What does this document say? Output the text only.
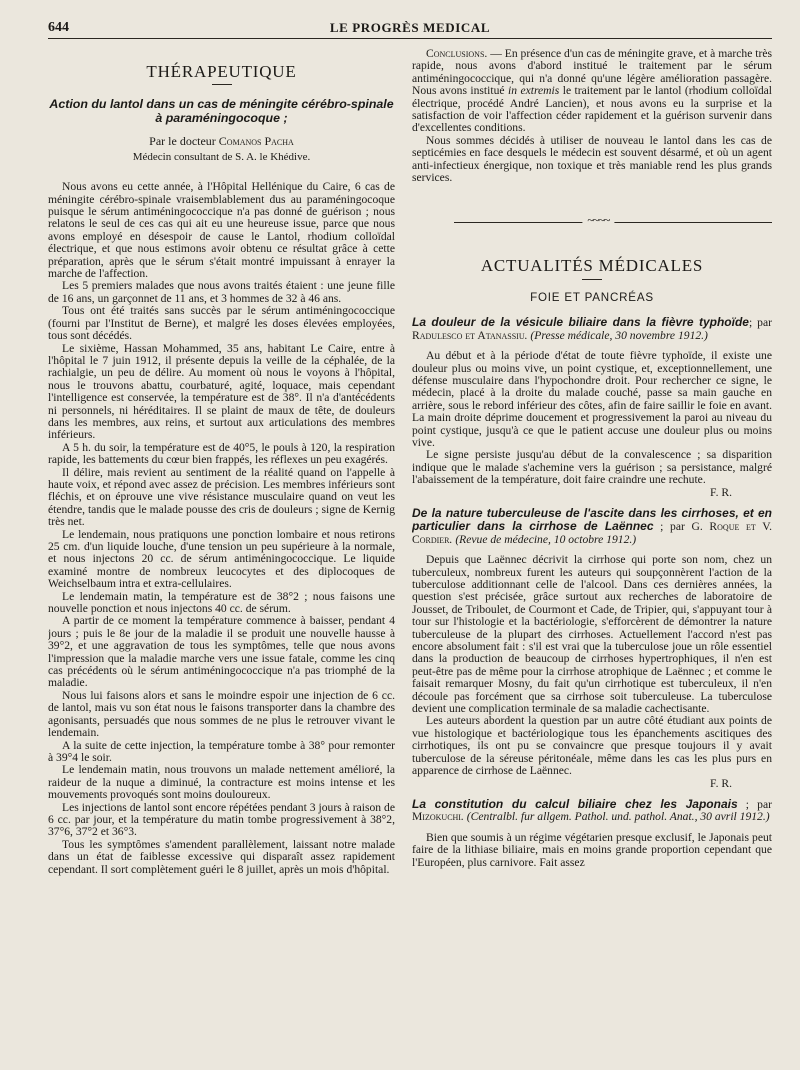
644	LE PROGRÈS MEDICAL
THÉRAPEUTIQUE
Action du lantol dans un cas de méningite cérébro-spinale à paraméningocoque ;
Par le docteur Comanos Pacha
Médecin consultant de S. A. le Khédive.

Nous avons eu cette année, à l'Hôpital Hellénique du Caire, 6 cas de méningite cérébro-spinale vraisemblablement dus au paraméningocoque puisque le sérum antiméningococcique n'a pas donné de guérison ; nous relatons le seul de ces cas qui ait eu une heureuse issue, parce que nous avons employé en désespoir de cause le Lantol, rhodium colloïdal électrique, et que nous estimons avoir obtenu ce résultat grâce à cette préparation, après que le sérum s'était montré impuissant à enrayer la marche de l'affection.

Les 5 premiers malades que nous avons traités étaient : une jeune fille de 16 ans, un garçonnet de 11 ans, et 3 hommes de 32 à 46 ans.

Tous ont été traités sans succès par le sérum antiméningococcique (fourni par l'Institut de Berne), et malgré les doses élevées employées, tous sont décédés.

Le sixième, Hassan Mohammed, 35 ans, habitant Le Caire, entre à l'hôpital le 7 juin 1912, il présente depuis la veille de la céphalée, de la rachialgie, un peu de délire. Au moment où nous le voyons à l'hôpital, nous le trouvons abattu, courbaturé, agité, loquace, mais cependant l'intelligence est conservée, la température est de 38°. Il n'a d'antécédents ni personnels, ni héréditaires. Il se plaint de maux de tête, de douleurs dans les membres, aux reins, et surtout aux articulations des membres inférieurs.

A 5 h. du soir, la température est de 40°5, le pouls à 120, la respiration rapide, les battements du cœur bien frappés, les réflexes un peu exagérés.

Il délire, mais revient au sentiment de la réalité quand on l'appelle à haute voix, et répond avec assez de précision. Les membres inférieurs sont fléchis, et on éprouve une vive résistance musculaire quand on veut les étendre, tandis que le malade pousse des cris de douleurs ; signe de Kernig très net.

Le lendemain, nous pratiquons une ponction lombaire et nous retirons 25 cm. d'un liquide louche, d'une tension un peu supérieure à la normale, et nous injectons 20 cc. de sérum antiméningococcique. Le liquide examiné montre de nombreux leucocytes et des diplocoques de Weichselbaum intra et extra-cellulaires.

Le lendemain matin, la température est de 38°2 ; nous faisons une nouvelle ponction et nous injectons 40 cc. de sérum.

A partir de ce moment la température commence à baisser, pendant 4 jours ; puis le 8e jour de la maladie il se produit une nouvelle hausse à 39°2, et une aggravation de tous les symptômes, telle que nous avons l'impression que la maladie marche vers une issue fatale, comme les cinq cas précédents où le sérum antiméningococcique n'a pas triomphé de la maladie.

Nous lui faisons alors et sans le moindre espoir une injection de 6 cc. de lantol, mais vu son état nous le faisons transporter dans la chambre des agonisants, persuadés que nous sommes de ne plus le retrouver vivant le lendemain.

A la suite de cette injection, la température tombe à 38° pour remonter à 39°4 le soir.

Le lendemain matin, nous trouvons un malade nettement amélioré, la raideur de la nuque a diminué, la contracture est moins intense et les mouvements provoqués sont moins douloureux.

Les injections de lantol sont encore répétées pendant 3 jours à raison de 6 cc. par jour, et la température du matin tombe progressivement à 38°2, 37°6, 37°2 et 36°3.

Tous les symptômes s'amendent parallèlement, laissant notre malade dans un état de faiblesse excessive qui disparaît assez rapidement cependant. Il sort complètement guéri le 8 juillet, après un mois d'hôpital.

Conclusions. — En présence d'un cas de méningite grave, et à marche très rapide, nous avons d'abord institué le traitement par le sérum antiméningococcique, qui n'a donné qu'une légère amélioration passagère. Nous avons institué in extremis le traitement par le lantol (rhodium colloïdal électrique, procédé André Lancien), et nous avons eu la surprise et la satisfaction de voir l'affection céder rapidement et la guérison survenir dans d'excellentes conditions.

Nous sommes décidés à utiliser de nouveau le lantol dans les cas de septicémies en face desquels le médecin est souvent désarmé, et où un agent anti-infectieux énergique, non toxique et très maniable rend les plus grands services.

~~~~
ACTUALITÉS MÉDICALES
FOIE ET PANCRÉAS

La douleur de la vésicule biliaire dans la fièvre typhoïde; par Radulesco et Atanassiu. (Presse médicale, 30 novembre 1912.)

Au début et à la période d'état de toute fièvre typhoïde, il existe une douleur plus ou moins vive, un point cystique, et, exceptionnellement, une défense musculaire dans l'hypochondre droit. Pour rechercher ce signe, le médecin, placé à la droite du malade couché, passe sa main gauche en arrière, sous le rebord inférieur des côtes, afin de faire saillir le foie en avant. La main droite déprime doucement et progressivement la paroi au niveau du point cystique, jusqu'à ce que le patient accuse une douleur plus ou moins vive.

Le signe persiste jusqu'au début de la convalescence ; sa disparition indique que le malade s'achemine vers la guérison ; sa persistance, malgré l'abaissement de la température, doit faire craindre une rechute.

F. R.

De la nature tuberculeuse de l'ascite dans les cirrhoses, et en particulier dans la cirrhose de Laënnec ; par G. Roque et V. Cordier. (Revue de médecine, 10 octobre 1912.)

Depuis que Laënnec décrivit la cirrhose qui porte son nom, chez un tuberculeux, nombreux furent les auteurs qui soupçonnèrent l'action de la tuberculose additionnant celle de l'alcool. Dans ces dernières années, la question s'est précisée, grâce surtout aux recherches de laboratoire de Jousset, de Triboulet, de Courmont et Cade, de Tripier, qui, s'appuyant tour à tour sur l'histologie et la bactériologie, s'efforcèrent de démontrer la nature tuberculeuse de la plupart des cirrhoses. Actuellement l'accord n'est pas encore absolument fait : s'il est vrai que la tuberculose joue un rôle essentiel dans la production de beaucoup de cirrhoses hypertrophiques, il n'en est peut-être pas de même pour la cirrhose atrophique de Laënnec ; et comme le faisait remarquer Mosny, du fait qu'un cirrhotique est tuberculeux, il n'en découle pas forcément que sa cirrhose soit tuberculeuse. La tuberculose devient une complication terminale de sa maladie cachectisante.

Les auteurs abordent la question par un autre côté étudiant aux points de vue histologique et bactériologique tous les épanchements ascitiques des cirrhotiques, ils ont pu se convaincre que presque toujours il y avait tuberculose de la séreuse péritonéale, même dans les cas les plus purs en apparence de cirrhose de Laënnec.

F. R.

La constitution du calcul biliaire chez les Japonais ; par Mizokuchi. (Centralbl. fur allgem. Pathol. und. pathol. Anat., 30 avril 1912.)

Bien que soumis à un régime végétarien presque exclusif, le Japonais peut faire de la lithiase biliaire, mais en moins grande proportion cependant que l'Européen, plus carnivore. Fait assez
